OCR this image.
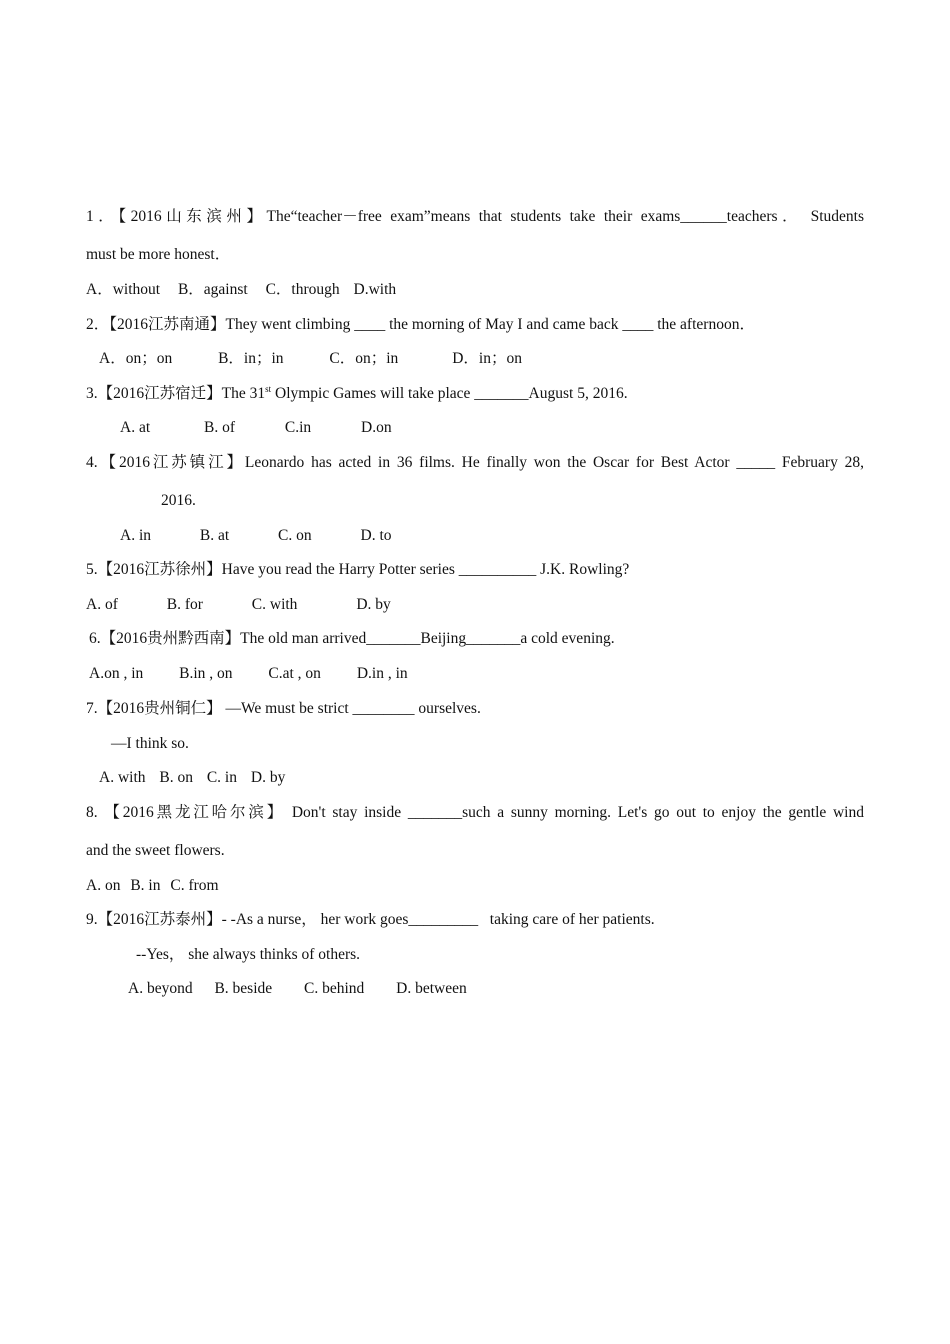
1．【2016山东滨州】The“teacher－free exam”means that students take their exams______teachers． Students
must be more honest．
A．without B．against C．through D.with
2．【2016江苏南通】They went climbing ____ the morning of May I and came back ____ the afternoon．
A．on；on	B．in；in	C．on；in	D．in；on
3.【2016江苏宿迁】The 31st Olympic Games will take place _______August 5, 2016.
A. at	B. of	C.in	D.on
4.【2016江苏镇江】Leonardo has acted in 36 films. He finally won the Oscar for Best Actor _____ February 28,
2016.
A. in	B. at	C. on	D. to
5.【2016江苏徐州】Have you read the Harry Potter series __________ J.K. Rowling?
A. of	B. for	C. with	D. by
6.【2016贵州黔西南】The old man arrived_______Beijing_______a cold evening.
A.on , in B.in , on C.at , on D.in , in
7.【2016贵州铜仁】 —We must be strict ________ ourselves.
—I think so.
A. with B. on C. in D. by
8. 【2016黑龙江哈尔滨】 Don't stay inside _______such a sunny morning. Let's go out to enjoy the gentle wind
and the sweet flowers.
A. on B. in C. from
9.【2016江苏泰州】- -As a nurse， her work goes_________   taking care of her patients.
--Yes， she always thinks of others.
A. beyond B. beside C. behind D. between
